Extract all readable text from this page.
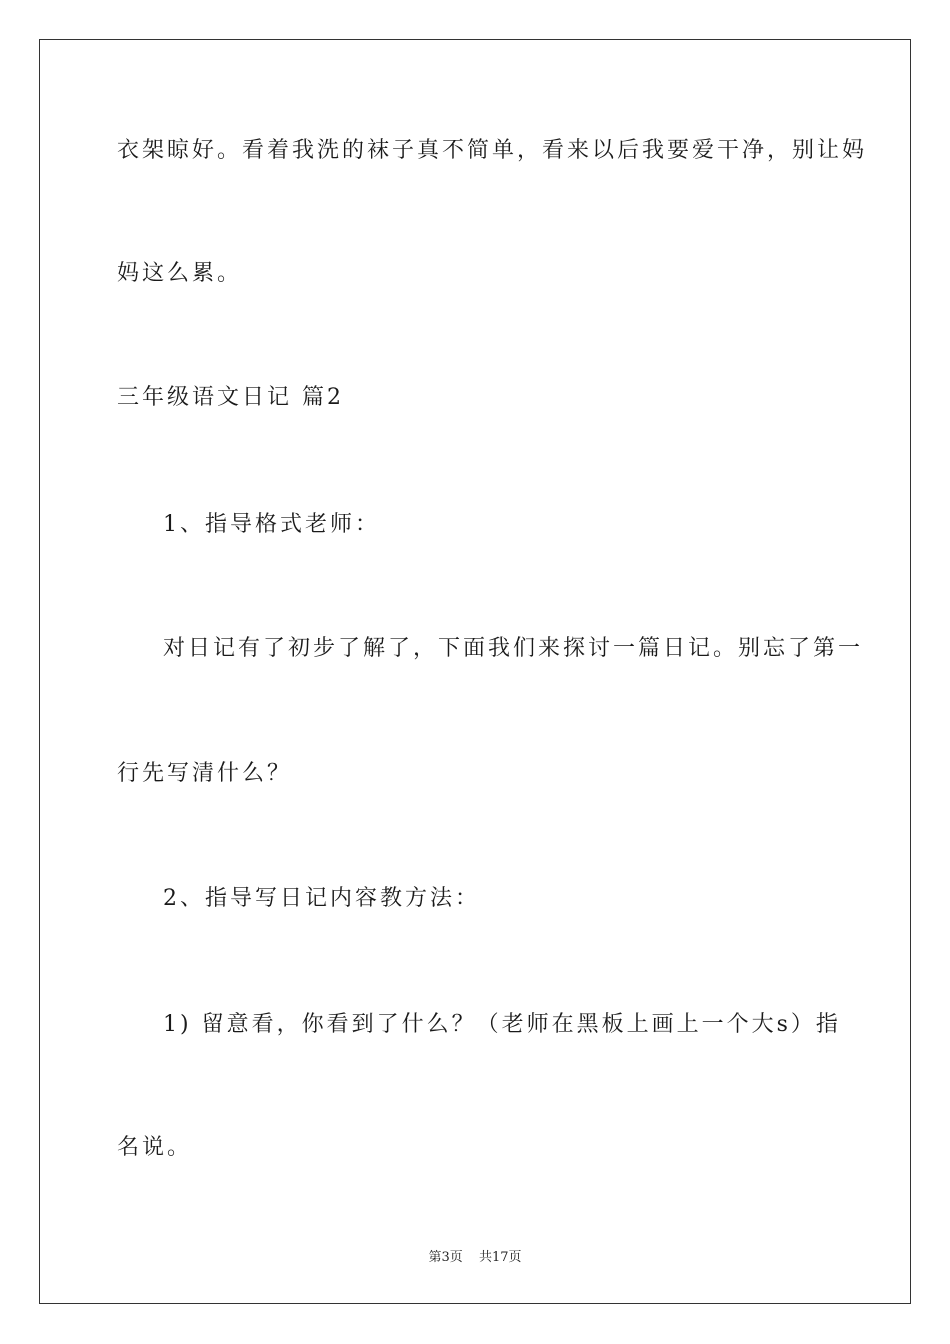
衣架晾好。看着我洗的袜子真不简单，看来以后我要爱干净，别让妈
妈这么累。
三年级语文日记 篇2
1、指导格式老师：
对日记有了初步了解了，下面我们来探讨一篇日记。别忘了第一
行先写清什么？
2、指导写日记内容教方法：
1) 留意看，你看到了什么？（老师在黑板上画上一个大s）指
名说。
第3页 共17页
